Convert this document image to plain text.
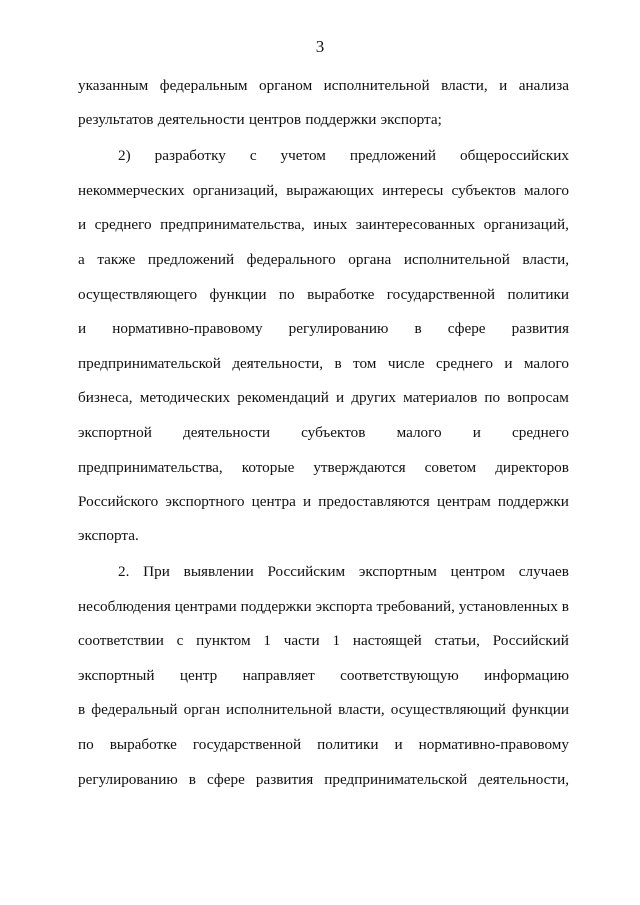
3
указанным федеральным органом исполнительной власти, и анализа
результатов деятельности центров поддержки экспорта;
2) разработку с учетом предложений общероссийских
некоммерческих организаций, выражающих интересы субъектов малого
и среднего предпринимательства, иных заинтересованных организаций,
а также предложений федерального органа исполнительной власти,
осуществляющего функции по выработке государственной политики
и нормативно-правовому регулированию в сфере развития
предпринимательской деятельности, в том числе среднего и малого
бизнеса, методических рекомендаций и других материалов по вопросам
экспортной деятельности субъектов малого и среднего
предпринимательства, которые утверждаются советом директоров
Российского экспортного центра и предоставляются центрам поддержки
экспорта.
2. При выявлении Российским экспортным центром случаев
несоблюдения центрами поддержки экспорта требований, установленных в
соответствии с пунктом 1 части 1 настоящей статьи, Российский
экспортный центр направляет соответствующую информацию
в федеральный орган исполнительной власти, осуществляющий функции
по выработке государственной политики и нормативно-правовому
регулированию в сфере развития предпринимательской деятельности,
